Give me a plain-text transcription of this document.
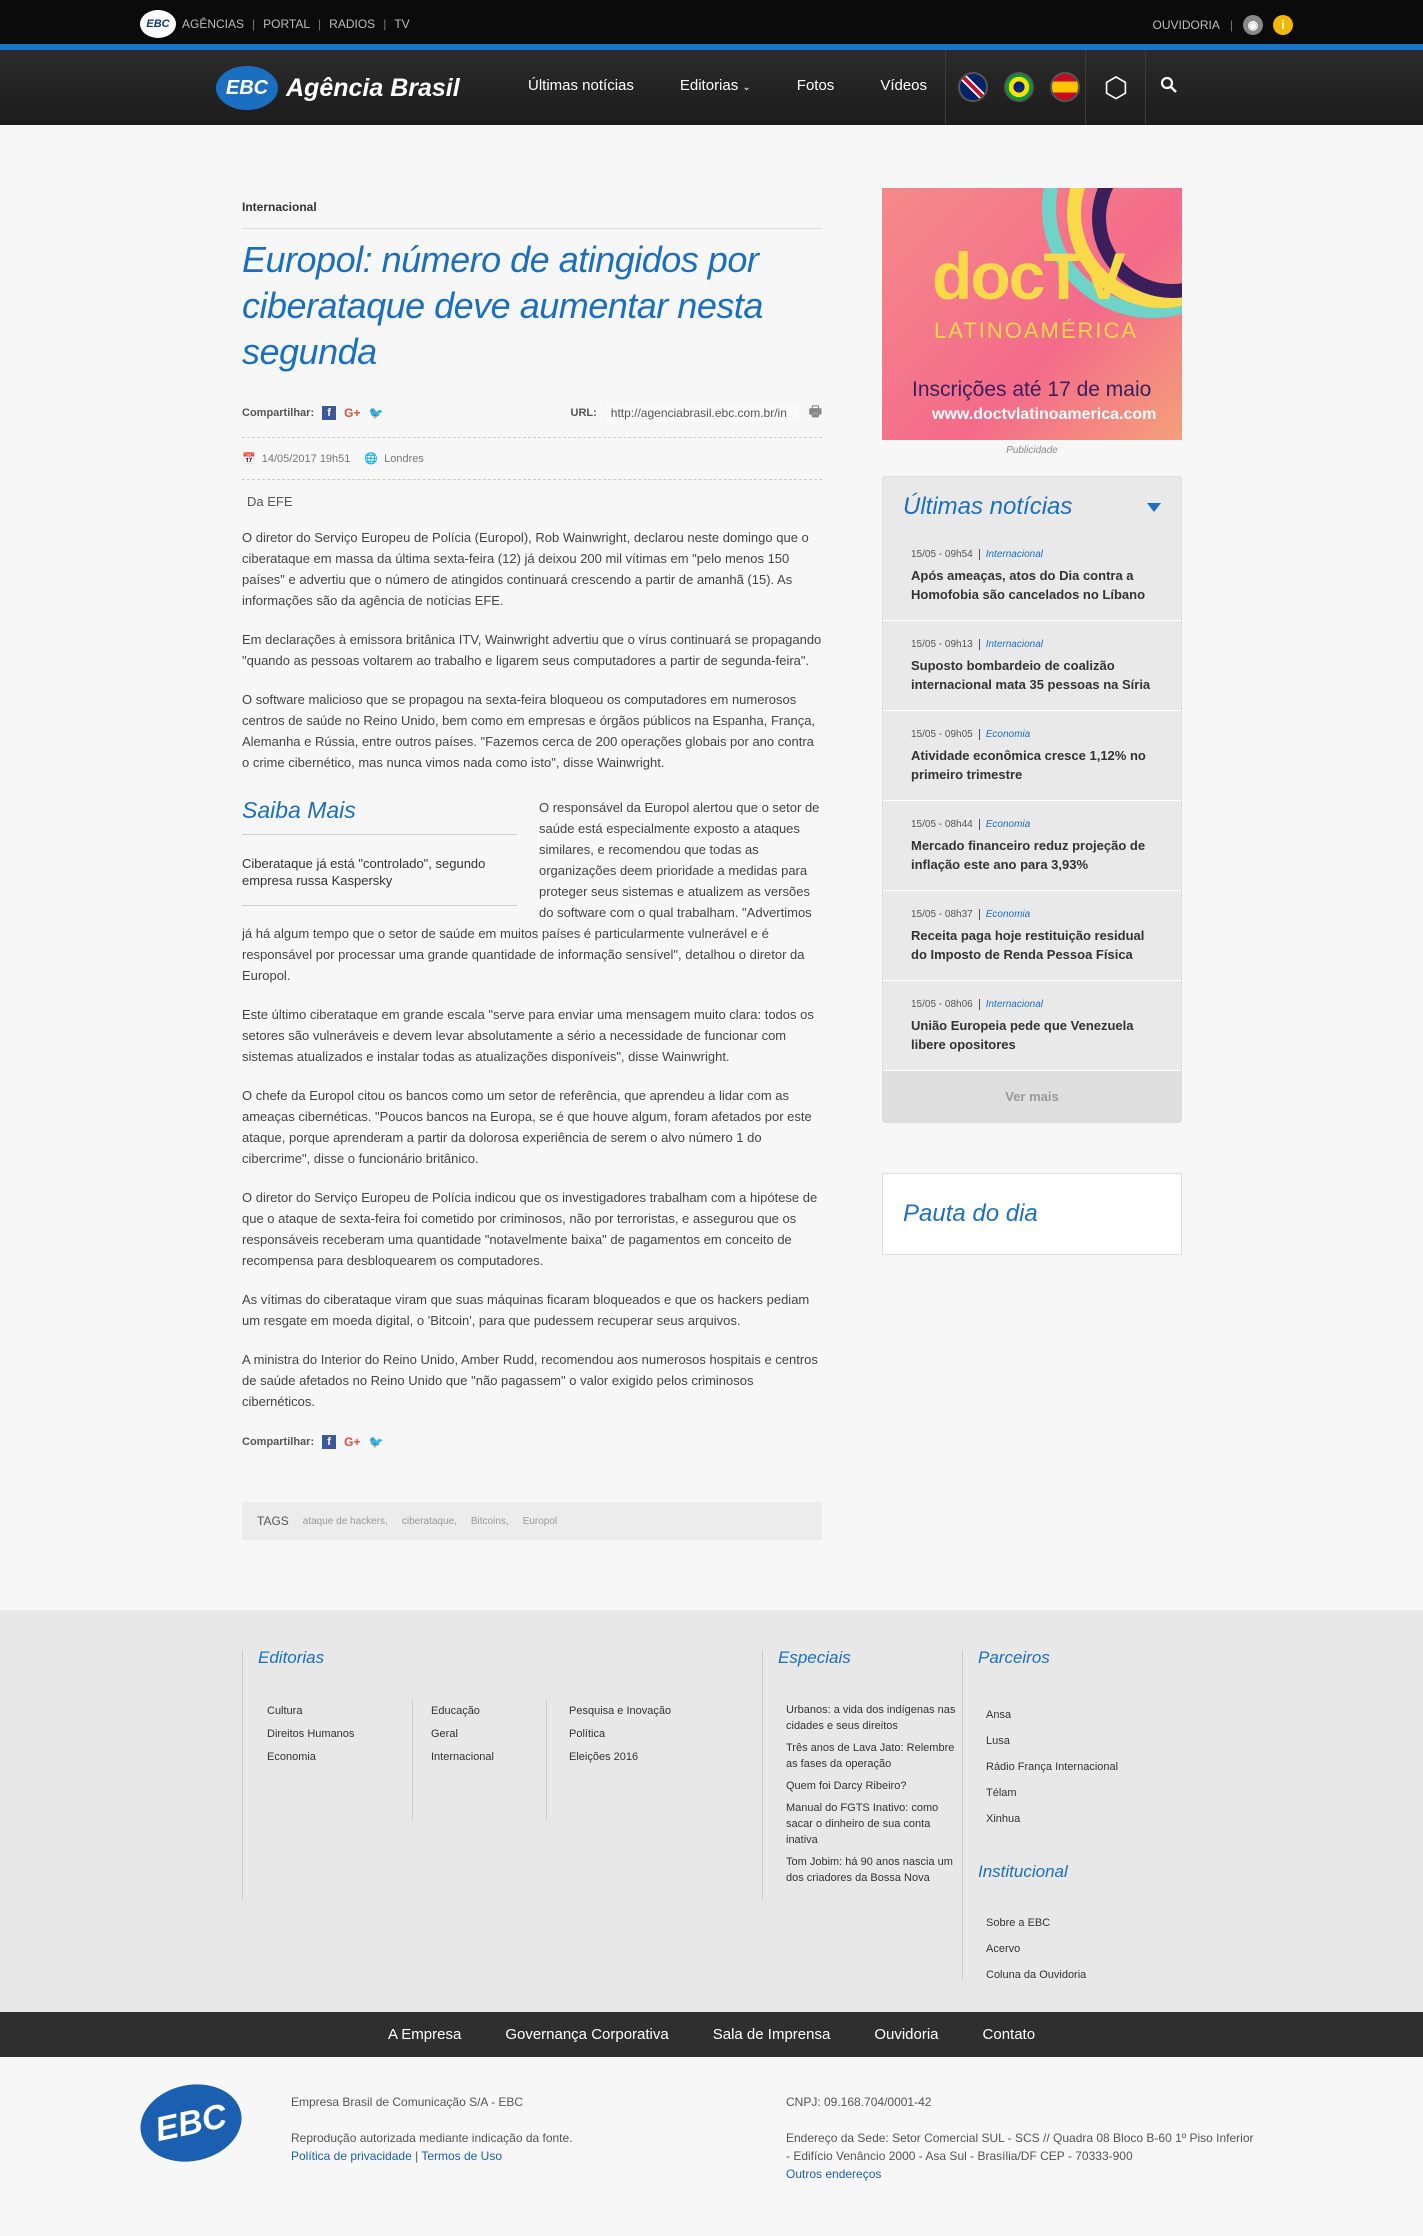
EBC	AGÊNCIAS | PORTAL | RADIOS | TV	OUVIDORIA |	◉	i
EBC Agência Brasil	Últimas notícias	Editorias ⌄	Fotos	Vídeos	⬡
Internacional
Europol: número de atingidos por ciberataque deve aumentar nesta segunda
Compartilhar:	f	G+ 🐦	URL:
http://agenciabrasil.ebc.com.br/in	🖶
📅 14/05/2017 19h51 🌐 Londres
Da EFE

O diretor do Serviço Europeu de Polícia (Europol), Rob Wainwright, declarou neste domingo que o ciberataque em massa da última sexta-feira (12) já deixou 200 mil vítimas em "pelo menos 150 países" e advertiu que o número de atingidos continuará crescendo a partir de amanhã (15). As informações são da agência de notícias EFE.

Em declarações à emissora britânica ITV, Wainwright advertiu que o vírus continuará se propagando "quando as pessoas voltarem ao trabalho e ligarem seus computadores a partir de segunda-feira".

O software malicioso que se propagou na sexta-feira bloqueou os computadores em numerosos centros de saúde no Reino Unido, bem como em empresas e órgãos públicos na Espanha, França, Alemanha e Rússia, entre outros países. "Fazemos cerca de 200 operações globais por ano contra o crime cibernético, mas nunca vimos nada como isto", disse Wainwright.

Saiba Mais
Ciberataque já está "controlado", segundo empresa russa Kaspersky

O responsável da Europol alertou que o setor de saúde está especialmente exposto a ataques similares, e recomendou que todas as organizações deem prioridade a medidas para proteger seus sistemas e atualizem as versões do software com o qual trabalham. "Advertimos já há algum tempo que o setor de saúde em muitos países é particularmente vulnerável e é responsável por processar uma grande quantidade de informação sensível", detalhou o diretor da Europol.

Este último ciberataque em grande escala "serve para enviar uma mensagem muito clara: todos os setores são vulneráveis e devem levar absolutamente a sério a necessidade de funcionar com sistemas atualizados e instalar todas as atualizações disponíveis", disse Wainwright.

O chefe da Europol citou os bancos como um setor de referência, que aprendeu a lidar com as ameaças cibernéticas. "Poucos bancos na Europa, se é que houve algum, foram afetados por este ataque, porque aprenderam a partir da dolorosa experiência de serem o alvo número 1 do cibercrime", disse o funcionário britânico.

O diretor do Serviço Europeu de Polícia indicou que os investigadores trabalham com a hipótese de que o ataque de sexta-feira foi cometido por criminosos, não por terroristas, e assegurou que os responsáveis receberam uma quantidade "notavelmente baixa" de pagamentos em conceito de recompensa para desbloquearem os computadores.

As vítimas do ciberataque viram que suas máquinas ficaram bloqueados e que os hackers pediam um resgate em moeda digital, o 'Bitcoin', para que pudessem recuperar seus arquivos.

A ministra do Interior do Reino Unido, Amber Rudd, recomendou aos numerosos hospitais e centros de saúde afetados no Reino Unido que "não pagassem" o valor exigido pelos criminosos cibernéticos.

Compartilhar:	f	G+ 🐦
TAGS ataque de hackers, ciberataque, Bitcoins, Europol
docTV
LATINOAMÉRICA
Inscrições até 17 de maio
www.doctvlatinoamerica.com
Publicidade
Últimas notícias
15/05 - 09h54	Internacional
Após ameaças, atos do Dia contra a Homofobia são cancelados no Líbano
15/05 - 09h13	Internacional
Suposto bombardeio de coalizão internacional mata 35 pessoas na Síria
15/05 - 09h05	Economia
Atividade econômica cresce 1,12% no primeiro trimestre
15/05 - 08h44	Economia
Mercado financeiro reduz projeção de inflação este ano para 3,93%
15/05 - 08h37	Economia
Receita paga hoje restituição residual do Imposto de Renda Pessoa Física
15/05 - 08h06	Internacional
União Europeia pede que Venezuela libere opositores
Ver mais
Pauta do dia
Editorias
Cultura
Direitos Humanos
Economia
Educação
Geral
Internacional
Pesquisa e Inovação
Política
Eleições 2016
Especiais
Urbanos: a vida dos indígenas nas cidades e seus direitos
Três anos de Lava Jato: Relembre as fases da operação
Quem foi Darcy Ribeiro?
Manual do FGTS Inativo: como sacar o dinheiro de sua conta inativa
Tom Jobim: há 90 anos nascia um dos criadores da Bossa Nova
Parceiros
Ansa
Lusa
Rádio França Internacional
Télam
Xinhua
Institucional
Sobre a EBC
Acervo
Coluna da Ouvidoria
A Empresa	Governança Corporativa	Sala de Imprensa	Ouvidoria	Contato
EBC	Empresa Brasil de Comunicação S/A - EBC
Reprodução autorizada mediante indicação da fonte.
Política de privacidade | Termos de Uso
CNPJ: 09.168.704/0001-42
Endereço da Sede: Setor Comercial SUL - SCS // Quadra 08 Bloco B-60 1º Piso Inferior - Edifício Venâncio 2000 - Asa Sul - Brasília/DF CEP - 70333-900
Outros endereços
